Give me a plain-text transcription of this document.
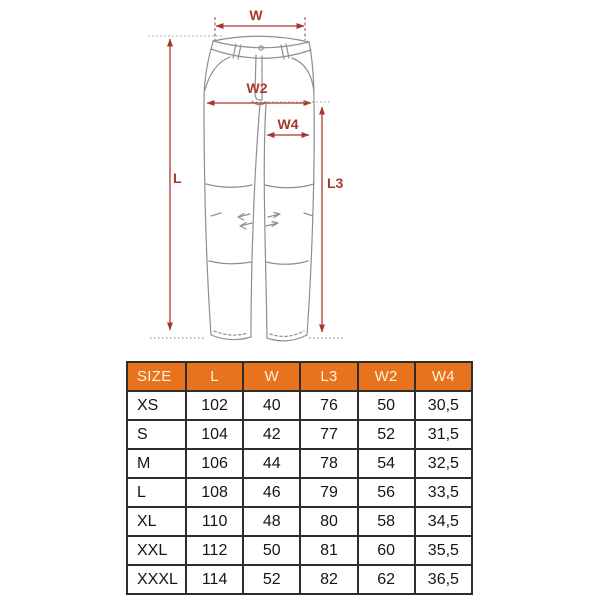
W
W2
W4
L	L3
SIZE	L	W	L3	W2	W4
XS	102	40	76	50	30,5
S	104	42	77	52	31,5
M	106	44	78	54	32,5
L	108	46	79	56	33,5
XL	110	48	80	58	34,5
XXL	112	50	81	60	35,5
XXXL	114	52	82	62	36,5
